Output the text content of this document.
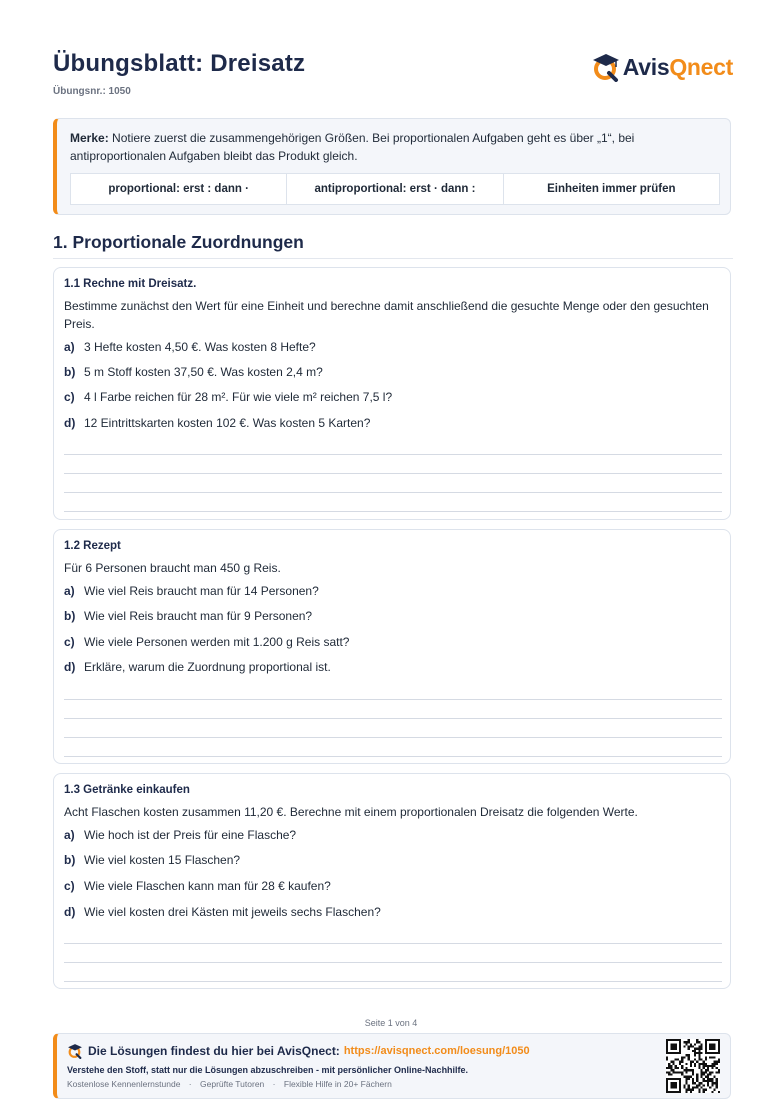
Übungsblatt: Dreisatz
Übungsnr.: 1050
AvisQnect
Merke: Notiere zuerst die zusammengehörigen Größen. Bei proportionalen Aufgaben geht es über „1“, bei antiproportionalen Aufgaben bleibt das Produkt gleich.
proportional: erst : dann ·	antiproportional: erst · dann :	Einheiten immer prüfen
1. Proportionale Zuordnungen
1.1 Rechne mit Dreisatz.
Bestimme zunächst den Wert für eine Einheit und berechne damit anschließend die gesuchte Menge oder den gesuchten Preis.
a) 3 Hefte kosten 4,50 €. Was kosten 8 Hefte?
b) 5 m Stoff kosten 37,50 €. Was kosten 2,4 m?
c) 4 l Farbe reichen für 28 m². Für wie viele m² reichen 7,5 l?
d) 12 Eintrittskarten kosten 102 €. Was kosten 5 Karten?
1.2 Rezept
Für 6 Personen braucht man 450 g Reis.
a) Wie viel Reis braucht man für 14 Personen?
b) Wie viel Reis braucht man für 9 Personen?
c) Wie viele Personen werden mit 1.200 g Reis satt?
d) Erkläre, warum die Zuordnung proportional ist.
1.3 Getränke einkaufen
Acht Flaschen kosten zusammen 11,20 €. Berechne mit einem proportionalen Dreisatz die folgenden Werte.
a) Wie hoch ist der Preis für eine Flasche?
b) Wie viel kosten 15 Flaschen?
c) Wie viele Flaschen kann man für 28 € kaufen?
d) Wie viel kosten drei Kästen mit jeweils sechs Flaschen?
Seite 1 von 4
Die Lösungen findest du hier bei AvisQnect: https://avisqnect.com/loesung/1050
Verstehe den Stoff, statt nur die Lösungen abzuschreiben - mit persönlicher Online-Nachhilfe.
Kostenlose Kennenlernstunde · Geprüfte Tutoren · Flexible Hilfe in 20+ Fächern
